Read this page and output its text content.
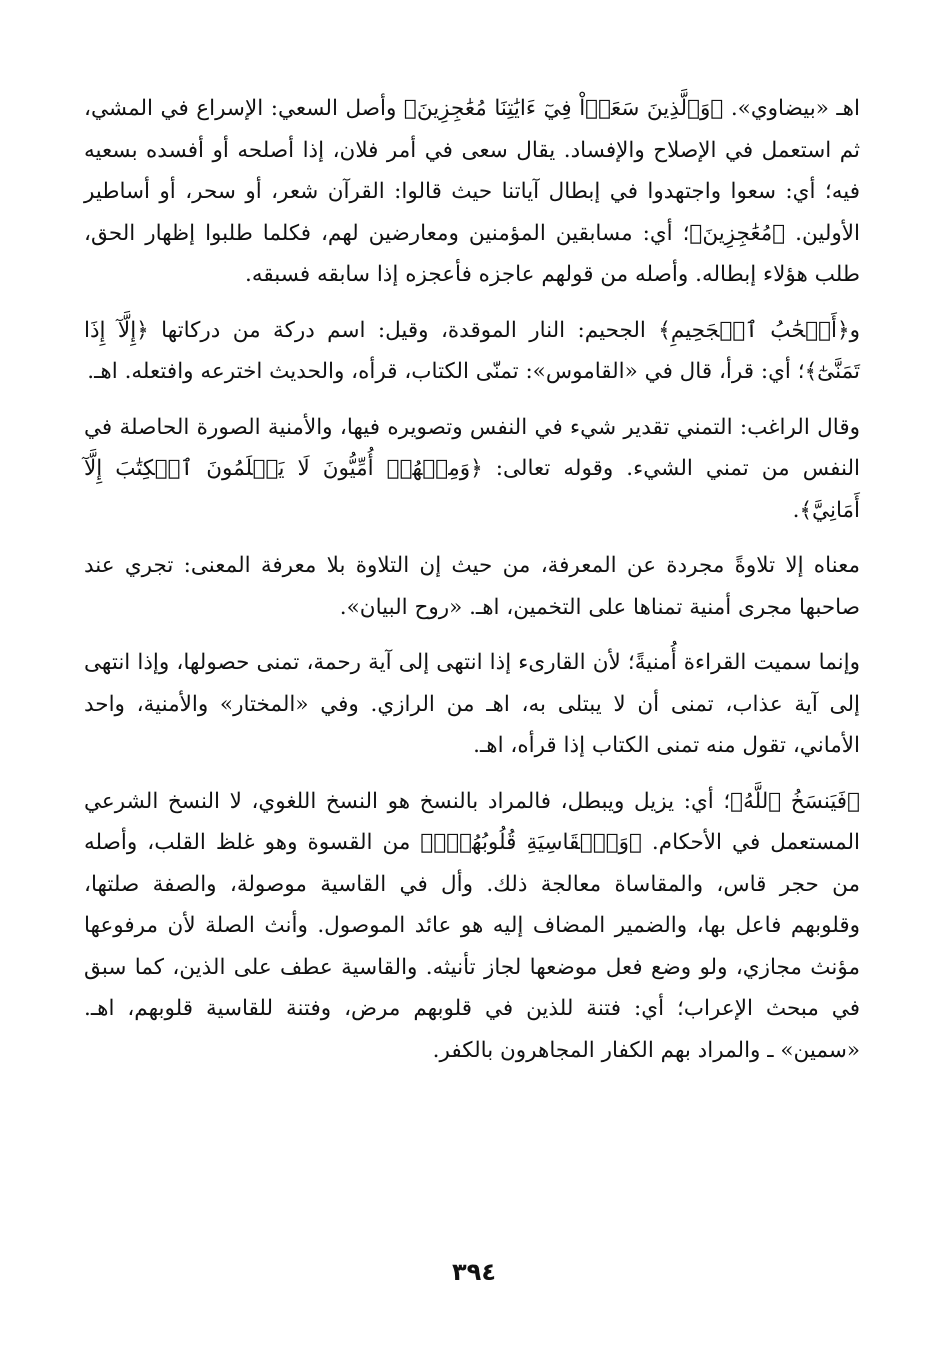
اهـ «بيضاوي». ﴿وَٱلَّذِينَ سَعَوۡاْ فِيٓ ءَايَٰتِنَا مُعَٰجِزِينَ﴾ وأصل السعي: الإسراع في المشي، ثم استعمل في الإصلاح والإفساد. يقال سعى في أمر فلان، إذا أصلحه أو أفسده بسعيه فيه؛ أي: سعوا واجتهدوا في إبطال آياتنا حيث قالوا: القرآن شعر، أو سحر، أو أساطير الأولين. ﴿مُعَٰجِزِينَ﴾؛ أي: مسابقين المؤمنين ومعارضين لهم، فكلما طلبوا إظهار الحق، طلب هؤلاء إبطاله. وأصله من قولهم عاجزه فأعجزه إذا سابقه فسبقه.

و﴿أَصۡحَٰبُ ٱلۡجَحِيمِ﴾ الجحيم: النار الموقدة، وقيل: اسم دركة من دركاتها ﴿إِلَّآ إِذَا تَمَنَّىٰٓ﴾؛ أي: قرأ، قال في «القاموس»: تمنّى الكتاب، قرأه، والحديث اخترعه وافتعله. اهـ.

وقال الراغب: التمني تقدير شيء في النفس وتصويره فيها، والأمنية الصورة الحاصلة في النفس من تمني الشيء. وقوله تعالى: ﴿وَمِنۡهُمۡ أُمِّيُّونَ لَا يَعۡلَمُونَ ٱلۡكِتَٰبَ إِلَّآ أَمَانِيَّ﴾.

معناه إلا تلاوةً مجردة عن المعرفة، من حيث إن التلاوة بلا معرفة المعنى: تجري عند صاحبها مجرى أمنية تمناها على التخمين، اهـ. «روح البيان».

وإنما سميت القراءة أُمنيةً؛ لأن القارىء إذا انتهى إلى آية رحمة، تمنى حصولها، وإذا انتهى إلى آية عذاب، تمنى أن لا يبتلى به، اهـ من الرازي. وفي «المختار» والأمنية، واحد الأماني، تقول منه تمنى الكتاب إذا قرأه، اهـ.

﴿فَيَنسَخُ ٱللَّهُ﴾؛ أي: يزيل ويبطل، فالمراد بالنسخ هو النسخ اللغوي، لا النسخ الشرعي المستعمل في الأحكام. ﴿وَٱلۡقَاسِيَةِ قُلُوبُهُمۡۗ﴾ من القسوة وهو غلظ القلب، وأصله من حجر قاس، والمقاساة معالجة ذلك. وأل في القاسية موصولة، والصفة صلتها، وقلوبهم فاعل بها، والضمير المضاف إليه هو عائد الموصول. وأنث الصلة لأن مرفوعها مؤنث مجازي، ولو وضع فعل موضعها لجاز تأنيثه. والقاسية عطف على الذين، كما سبق في مبحث الإعراب؛ أي: فتنة للذين في قلوبهم مرض، وفتنة للقاسية قلوبهم، اهـ. «سمين» ـ والمراد بهم الكفار المجاهرون بالكفر.

٣٩٤
